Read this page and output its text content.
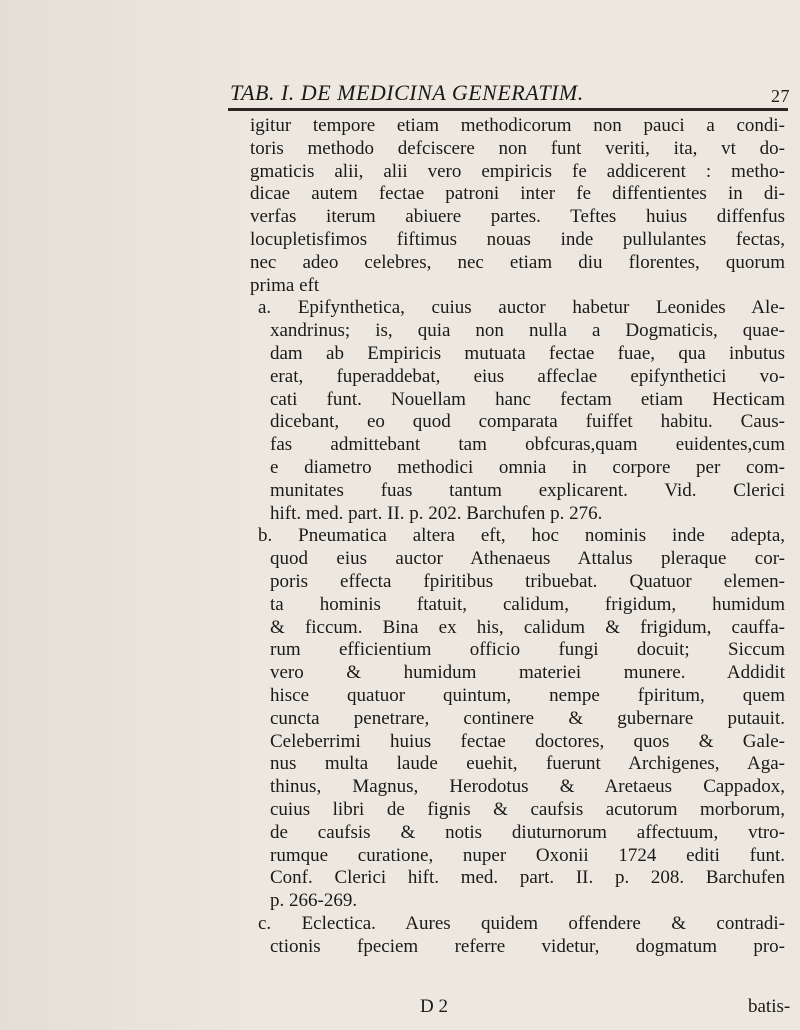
TAB. I. DE MEDICINA GENERATIM.	27
igitur tempore etiam methodicorum non pauci a condi-
toris methodo defciscere non funt veriti, ita, vt do-
gmaticis alii, alii vero empiricis fe addicerent : metho-
dicae autem fectae patroni inter fe diffentientes in di-
verfas iterum abiuere partes. Teftes huius diffenfus
locupletisfimos fiftimus nouas inde pullulantes fectas,
nec adeo celebres, nec etiam diu florentes, quorum
prima eft
a. Epifynthetica, cuius auctor habetur Leonides Ale-
xandrinus; is, quia non nulla a Dogmaticis, quae-
dam ab Empiricis mutuata fectae fuae, qua inbutus
erat, fuperaddebat, eius affeclae epifynthetici vo-
cati funt. Nouellam hanc fectam etiam Hecticam
dicebant, eo quod comparata fuiffet habitu. Caus-
fas admittebant tam obfcuras,quam euidentes,cum
e diametro methodici omnia in corpore per com-
munitates fuas tantum explicarent. Vid. Clerici
hift. med. part. II. p. 202. Barchufen p. 276.
b. Pneumatica altera eft, hoc nominis inde adepta,
quod eius auctor Athenaeus Attalus pleraque cor-
poris effecta fpiritibus tribuebat. Quatuor elemen-
ta hominis ftatuit, calidum, frigidum, humidum
& ficcum. Bina ex his, calidum & frigidum, cauffa-
rum efficientium officio fungi docuit; Siccum
vero & humidum materiei munere. Addidit
hisce quatuor quintum, nempe fpiritum, quem
cuncta penetrare, continere & gubernare putauit.
Celeberrimi huius fectae doctores, quos & Gale-
nus multa laude euehit, fuerunt Archigenes, Aga-
thinus, Magnus, Herodotus & Aretaeus Cappadox,
cuius libri de fignis & caufsis acutorum morborum,
de caufsis & notis diuturnorum affectuum, vtro-
rumque curatione, nuper Oxonii 1724 editi funt.
Conf. Clerici hift. med. part. II. p. 208. Barchufen
p. 266-269.
c. Eclectica. Aures quidem offendere & contradi-
ctionis fpeciem referre videtur, dogmatum pro-
D 2	batis-
